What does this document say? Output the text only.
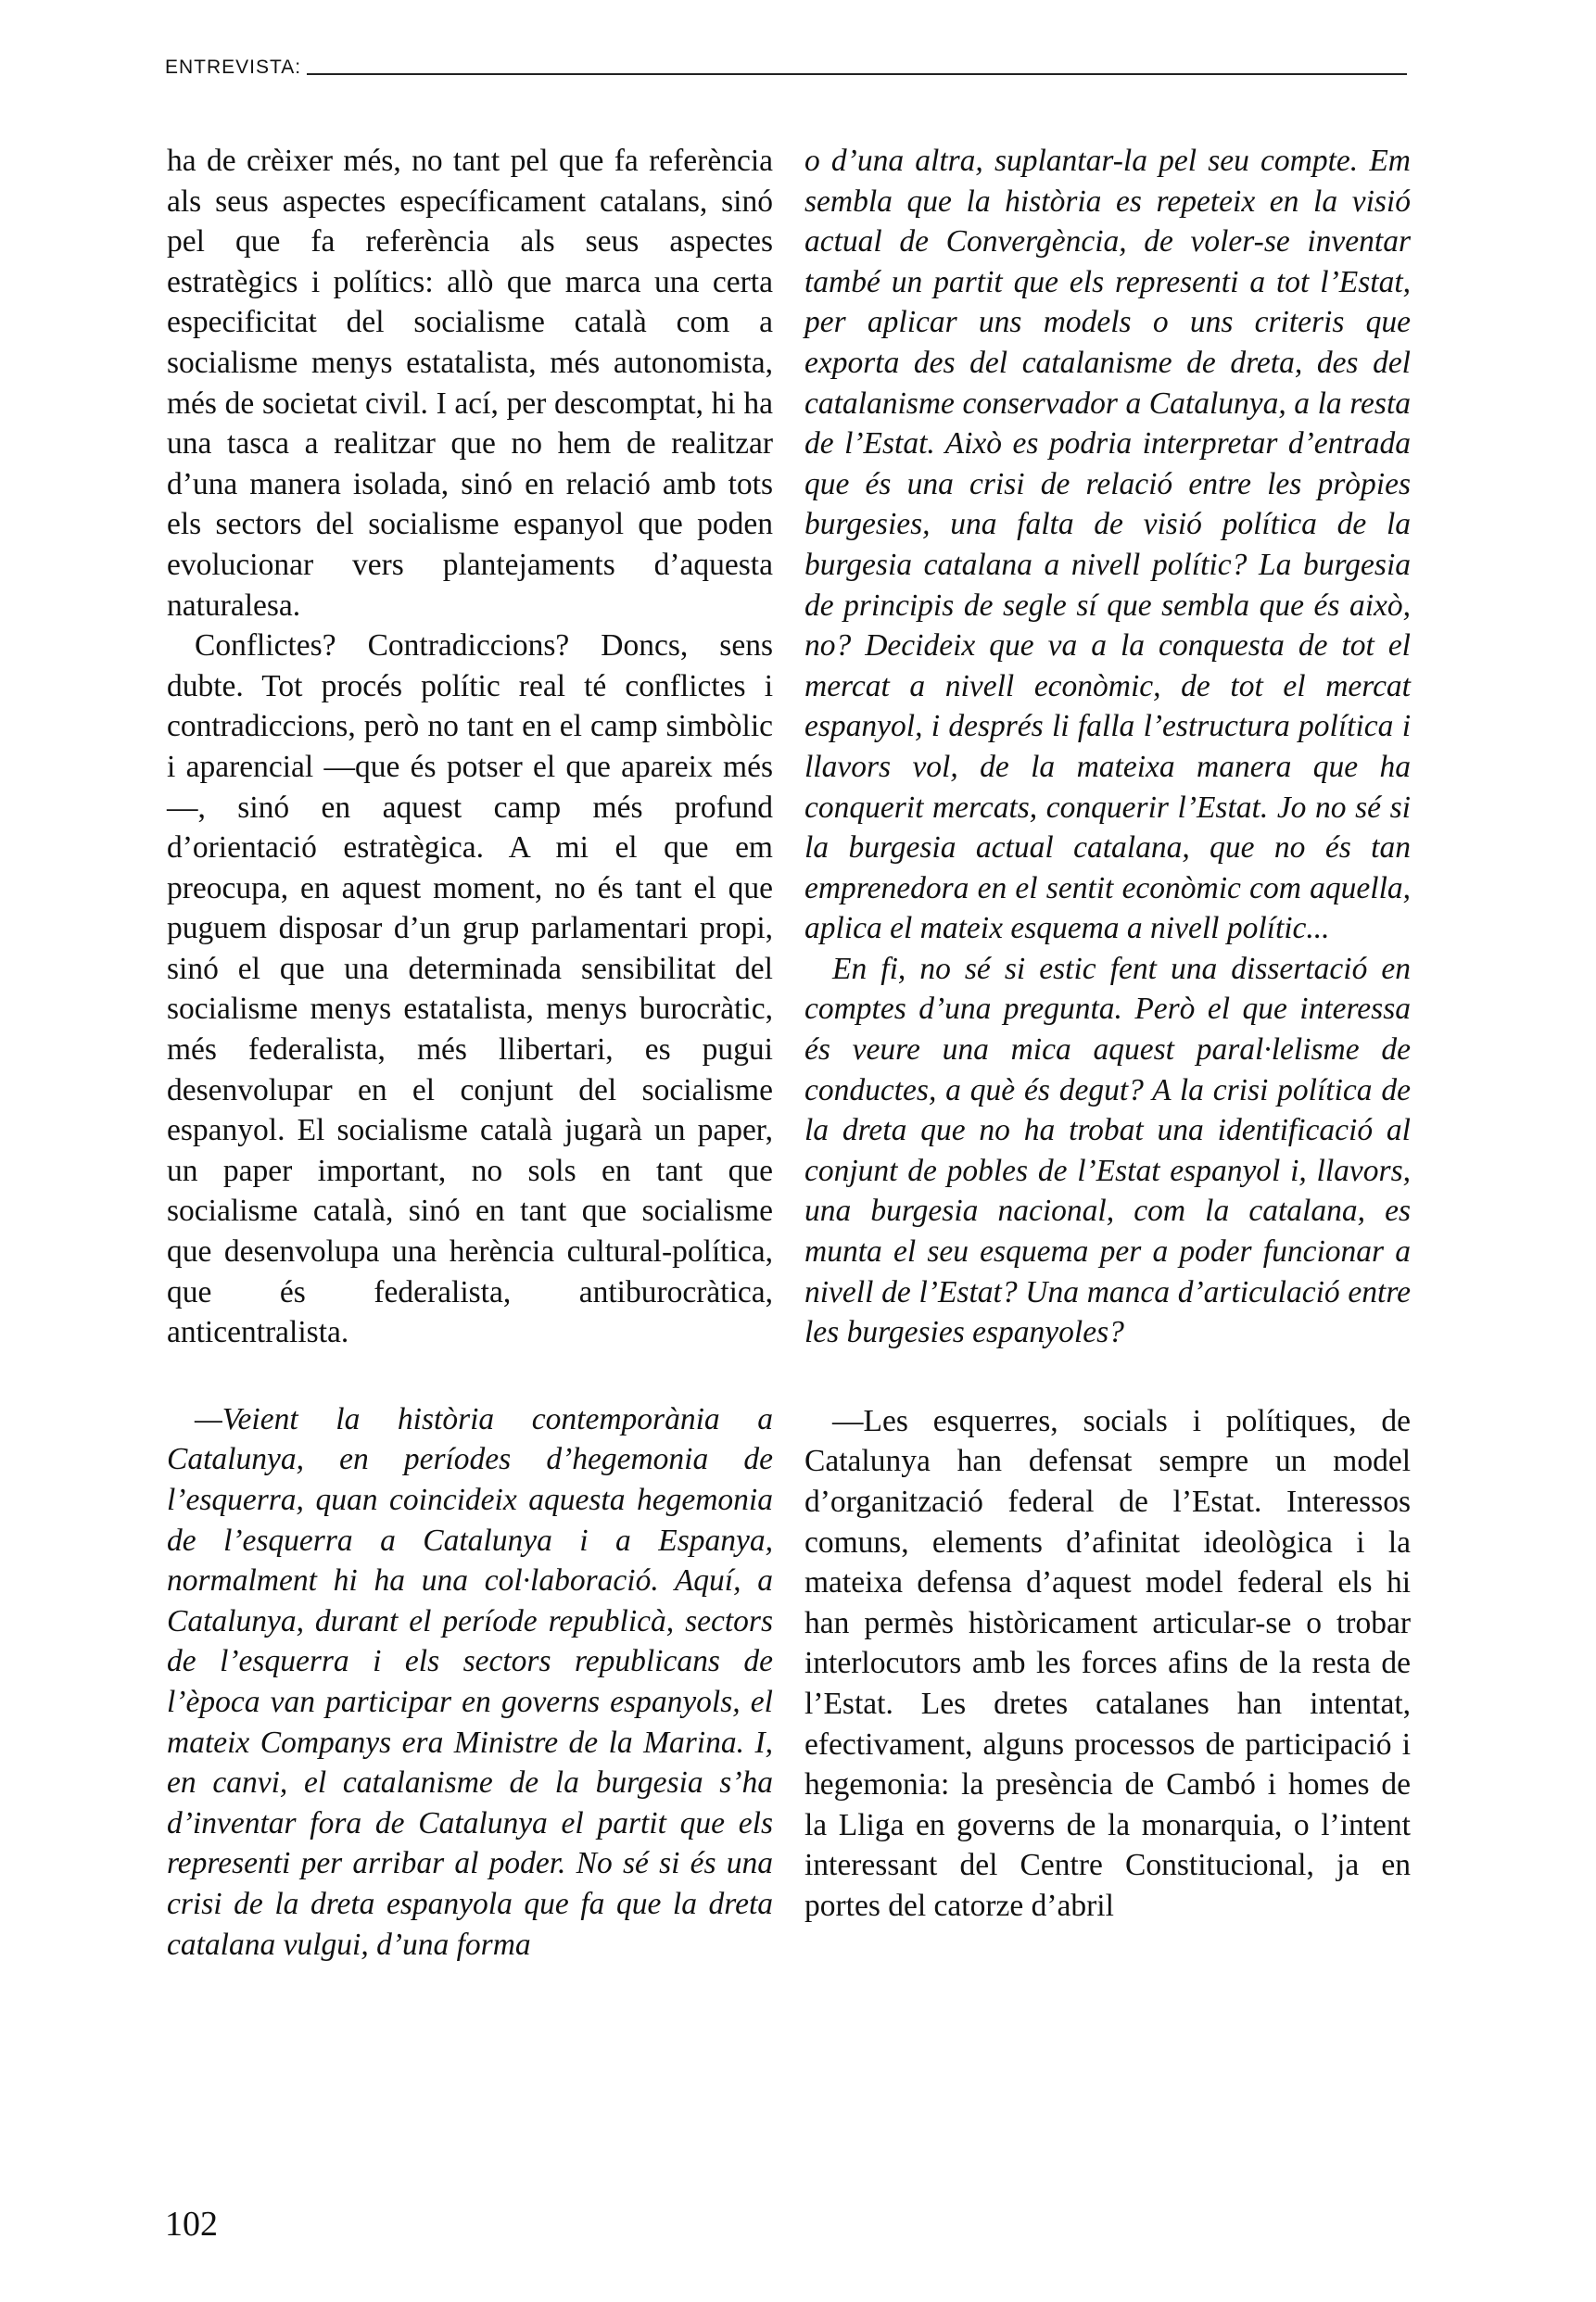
ENTREVISTA:

ha de crèixer més, no tant pel que fa referència als seus aspectes específicament catalans, sinó pel que fa referència als seus aspectes estratègics i polítics: allò que marca una certa especificitat del socialisme català com a socialisme menys estatalista, més autonomista, més de societat civil. I ací, per descomptat, hi ha una tasca a realitzar que no hem de realitzar d’una manera isolada, sinó en relació amb tots els sectors del socialisme espanyol que poden evolucionar vers plantejaments d’aquesta naturalesa.

Conflictes? Contradiccions? Doncs, sens dubte. Tot procés polític real té conflictes i contradiccions, però no tant en el camp simbòlic i aparencial —que és potser el que apareix més—, sinó en aquest camp més profund d’orientació estratègica. A mi el que em preocupa, en aquest moment, no és tant el que puguem disposar d’un grup parlamentari propi, sinó el que una determinada sensibilitat del socialisme menys estatalista, menys burocràtic, més federalista, més llibertari, es pugui desenvolupar en el conjunt del socialisme espanyol. El socialisme català jugarà un paper, un paper important, no sols en tant que socialisme català, sinó en tant que socialisme que desenvolupa una herència cultural-política, que és federalista, antiburocràtica, anticentralista.

—Veient la història contemporània a Catalunya, en períodes d’hegemonia de l’esquerra, quan coincideix aquesta hegemonia de l’esquerra a Catalunya i a Espanya, normalment hi ha una col·laboració. Aquí, a Catalunya, durant el període republicà, sectors de l’esquerra i els sectors republicans de l’època van participar en governs espanyols, el mateix Companys era Ministre de la Marina. I, en canvi, el catalanisme de la burgesia s’ha d’inventar fora de Catalunya el partit que els representi per arribar al poder. No sé si és una crisi de la dreta espanyola que fa que la dreta catalana vulgui, d’una forma

o d’una altra, suplantar-la pel seu compte. Em sembla que la història es repeteix en la visió actual de Convergència, de voler-se inventar també un partit que els representi a tot l’Estat, per aplicar uns models o uns criteris que exporta des del catalanisme de dreta, des del catalanisme conservador a Catalunya, a la resta de l’Estat. Això es podria interpretar d’entrada que és una crisi de relació entre les pròpies burgesies, una falta de visió política de la burgesia catalana a nivell polític? La burgesia de principis de segle sí que sembla que és això, no? Decideix que va a la conquesta de tot el mercat a nivell econòmic, de tot el mercat espanyol, i després li falla l’estructura política i llavors vol, de la mateixa manera que ha conquerit mercats, conquerir l’Estat. Jo no sé si la burgesia actual catalana, que no és tan emprenedora en el sentit econòmic com aquella, aplica el mateix esquema a nivell polític...

En fi, no sé si estic fent una dissertació en comptes d’una pregunta. Però el que interessa és veure una mica aquest paral·lelisme de conductes, a què és degut? A la crisi política de la dreta que no ha trobat una identificació al conjunt de pobles de l’Estat espanyol i, llavors, una burgesia nacional, com la catalana, es munta el seu esquema per a poder funcionar a nivell de l’Estat? Una manca d’articulació entre les burgesies espanyoles?

—Les esquerres, socials i polítiques, de Catalunya han defensat sempre un model d’organització federal de l’Estat. Interessos comuns, elements d’afinitat ideològica i la mateixa defensa d’aquest model federal els hi han permès històricament articular-se o trobar interlocutors amb les forces afins de la resta de l’Estat. Les dretes catalanes han intentat, efectivament, alguns processos de participació i hegemonia: la presència de Cambó i homes de la Lliga en governs de la monarquia, o l’intent interessant del Centre Constitucional, ja en portes del catorze d’abril

102
